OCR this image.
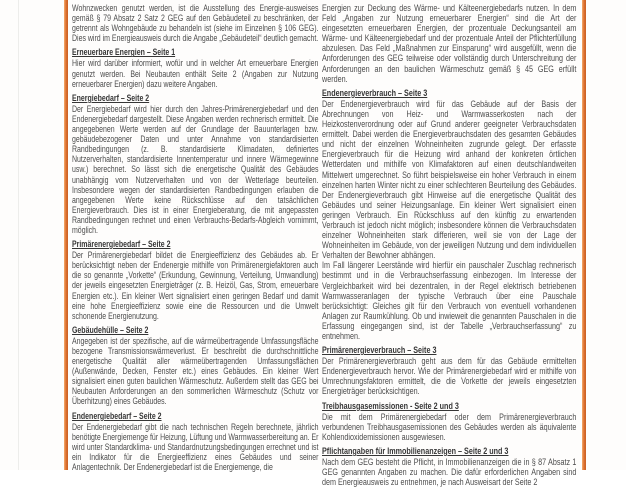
Wohnzwecken genutzt werden, ist die Ausstellung des Energie-ausweises gemäß § 79 Absatz 2 Satz 2 GEG auf den Gebäudeteil zu beschränken, der getrennt als Wohngebäude zu behandeln ist (siehe im Einzelnen § 106 GEG). Dies wird im Energieausweis durch die Angabe „Gebäudeteil“ deutlich gemacht.

Erneuerbare Energien – Seite 1

Hier wird darüber informiert, wofür und in welcher Art erneuerbare Energien genutzt werden. Bei Neubauten enthält Seite 2 (Angaben zur Nutzung erneuerbarer Energien) dazu weitere Angaben.

Energiebedarf – Seite 2

Der Energiebedarf wird hier durch den Jahres-Primärenergiebedarf und den Endenergiebedarf dargestellt. Diese Angaben werden rechnerisch ermittelt. Die angegebenen Werte werden auf der Grundlage der Bauunterlagen bzw. gebäudebezogener Daten und unter Annahme von standardisierten Randbedingungen (z. B. standardisierte Klimadaten, definiertes Nutzerverhalten, standardisierte Innentemperatur und innere Wärmegewinne usw.) berechnet. So lässt sich die energetische Qualität des Gebäudes unabhängig vom Nutzerverhalten und von der Wetterlage beurteilen. Insbesondere wegen der standardisierten Randbedingungen erlauben die angegebenen Werte keine Rückschlüsse auf den tatsächlichen Energieverbrauch. Dies ist in einer Energieberatung, die mit angepassten Randbedingungen rechnet und einen Verbrauchs-Bedarfs-Abgleich vornimmt, möglich.

Primärenergiebedarf – Seite 2

Der Primärenergiebedarf bildet die Energieeffizienz des Gebäudes ab. Er berücksichtigt neben der Endenergie mithilfe von Primärenergiefaktoren auch die so genannte „Vorkette“ (Erkundung, Gewinnung, Verteilung, Umwandlung) der jeweils eingesetzten Energieträger (z. B. Heizöl, Gas, Strom, erneuerbare Energien etc.). Ein kleiner Wert signalisiert einen geringen Bedarf und damit eine hohe Energieeffizienz sowie eine die Ressourcen und die Umwelt schonende Energienutzung.

Gebäudehülle – Seite 2

Angegeben ist der spezifische, auf die wärmeübertragende Umfassungsfläche bezogene Transmissionswärmeverlust. Er beschreibt die durchschnittliche energetische Qualität aller wärmeübertragenden Umfassungsflächen (Außenwände, Decken, Fenster etc.) eines Gebäudes. Ein kleiner Wert signalisiert einen guten baulichen Wärmeschutz. Außerdem stellt das GEG bei Neubauten Anforderungen an den sommerlichen Wärmeschutz (Schutz vor Überhitzung) eines Gebäudes.

Endenergiebedarf – Seite 2

Der Endenergiebedarf gibt die nach technischen Regeln berechnete, jährlich benötigte Energiemenge für Heizung, Lüftung und Warmwasserbereitung an. Er wird unter Standardklima- und Standardnutzungsbedingungen errechnet und ist ein Indikator für die Energieeffizienz eines Gebäudes und seiner Anlagentechnik. Der Endenergiebedarf ist die Energiemenge, die

Energien zur Deckung des Wärme- und Kälteenergiebedarfs nutzen. In dem Feld „Angaben zur Nutzung erneuerbarer Energien“ sind die Art der eingesetzten erneuerbaren Energien, der prozentuale Deckungsanteil am Wärme- und Kälteenergiebedarf und der prozentuale Anteil der Pflichterfüllung abzulesen. Das Feld „Maßnahmen zur Einsparung“ wird ausgefüllt, wenn die Anforderungen des GEG teilweise oder vollständig durch Unterschreitung der Anforderungen an den baulichen Wärmeschutz gemäß § 45 GEG erfüllt werden.

Endenergieverbrauch – Seite 3

Der Endenergieverbrauch wird für das Gebäude auf der Basis der Abrechnungen von Heiz- und Warmwasserkosten nach der Heizkostenverordnung oder auf Grund anderer geeigneter Verbrauchsdaten ermittelt. Dabei werden die Energieverbrauchsdaten des gesamten Gebäudes und nicht der einzelnen Wohneinheiten zugrunde gelegt. Der erfasste Energieverbrauch für die Heizung wird anhand der konkreten örtlichen Wetterdaten und mithilfe von Klimafaktoren auf einen deutschlandweiten Mittelwert umgerechnet. So führt beispielsweise ein hoher Verbrauch in einem einzelnen harten Winter nicht zu einer schlechteren Beurteilung des Gebäudes. Der Endenergieverbrauch gibt Hinweise auf die energetische Qualität des Gebäudes und seiner Heizungsanlage. Ein kleiner Wert signalisiert einen geringen Verbrauch. Ein Rückschluss auf den künftig zu erwartenden Verbrauch ist jedoch nicht möglich; insbesondere können die Verbrauchsdaten einzelner Wohneinheiten stark differieren, weil sie von der Lage der Wohneinheiten im Gebäude, von der jeweiligen Nutzung und dem individuellen Verhalten der Bewohner abhängen.

Im Fall längerer Leerstände wird hierfür ein pauschaler Zuschlag rechnerisch bestimmt und in die Verbrauchserfassung einbezogen. Im Interesse der Vergleichbarkeit wird bei dezentralen, in der Regel elektrisch betriebenen Warmwasseranlagen der typische Verbrauch über eine Pauschale berücksichtigt: Gleiches gilt für den Verbrauch von eventuell vorhandenen Anlagen zur Raumkühlung. Ob und inwieweit die genannten Pauschalen in die Erfassung eingegangen sind, ist der Tabelle „Verbrauchserfassung“ zu entnehmen.

Primärenergieverbrauch – Seite 3

Der Primärenergieverbrauch geht aus dem für das Gebäude ermittelten Endenergieverbrauch hervor. Wie der Primärenergiebedarf wird er mithilfe von Umrechnungsfaktoren ermittelt, die die Vorkette der jeweils eingesetzten Energieträger berücksichtigen.

Treibhausgasemissionen - Seite 2 und 3

Die mit dem Primärenergiebedarf oder dem Primärenergieverbrauch verbundenen Treibhausgasemissionen des Gebäudes werden als äquivalente Kohlendioxidemissionen ausgewiesen.

Pflichtangaben für Immobilienanzeigen – Seite 2 und 3

Nach dem GEG besteht die Pflicht, in Immobilienanzeigen die in § 87 Absatz 1 GEG genannten Angaben zu machen. Die dafür erforderlichen Angaben sind dem Energieausweis zu entnehmen, je nach Ausweisart der Seite 2
